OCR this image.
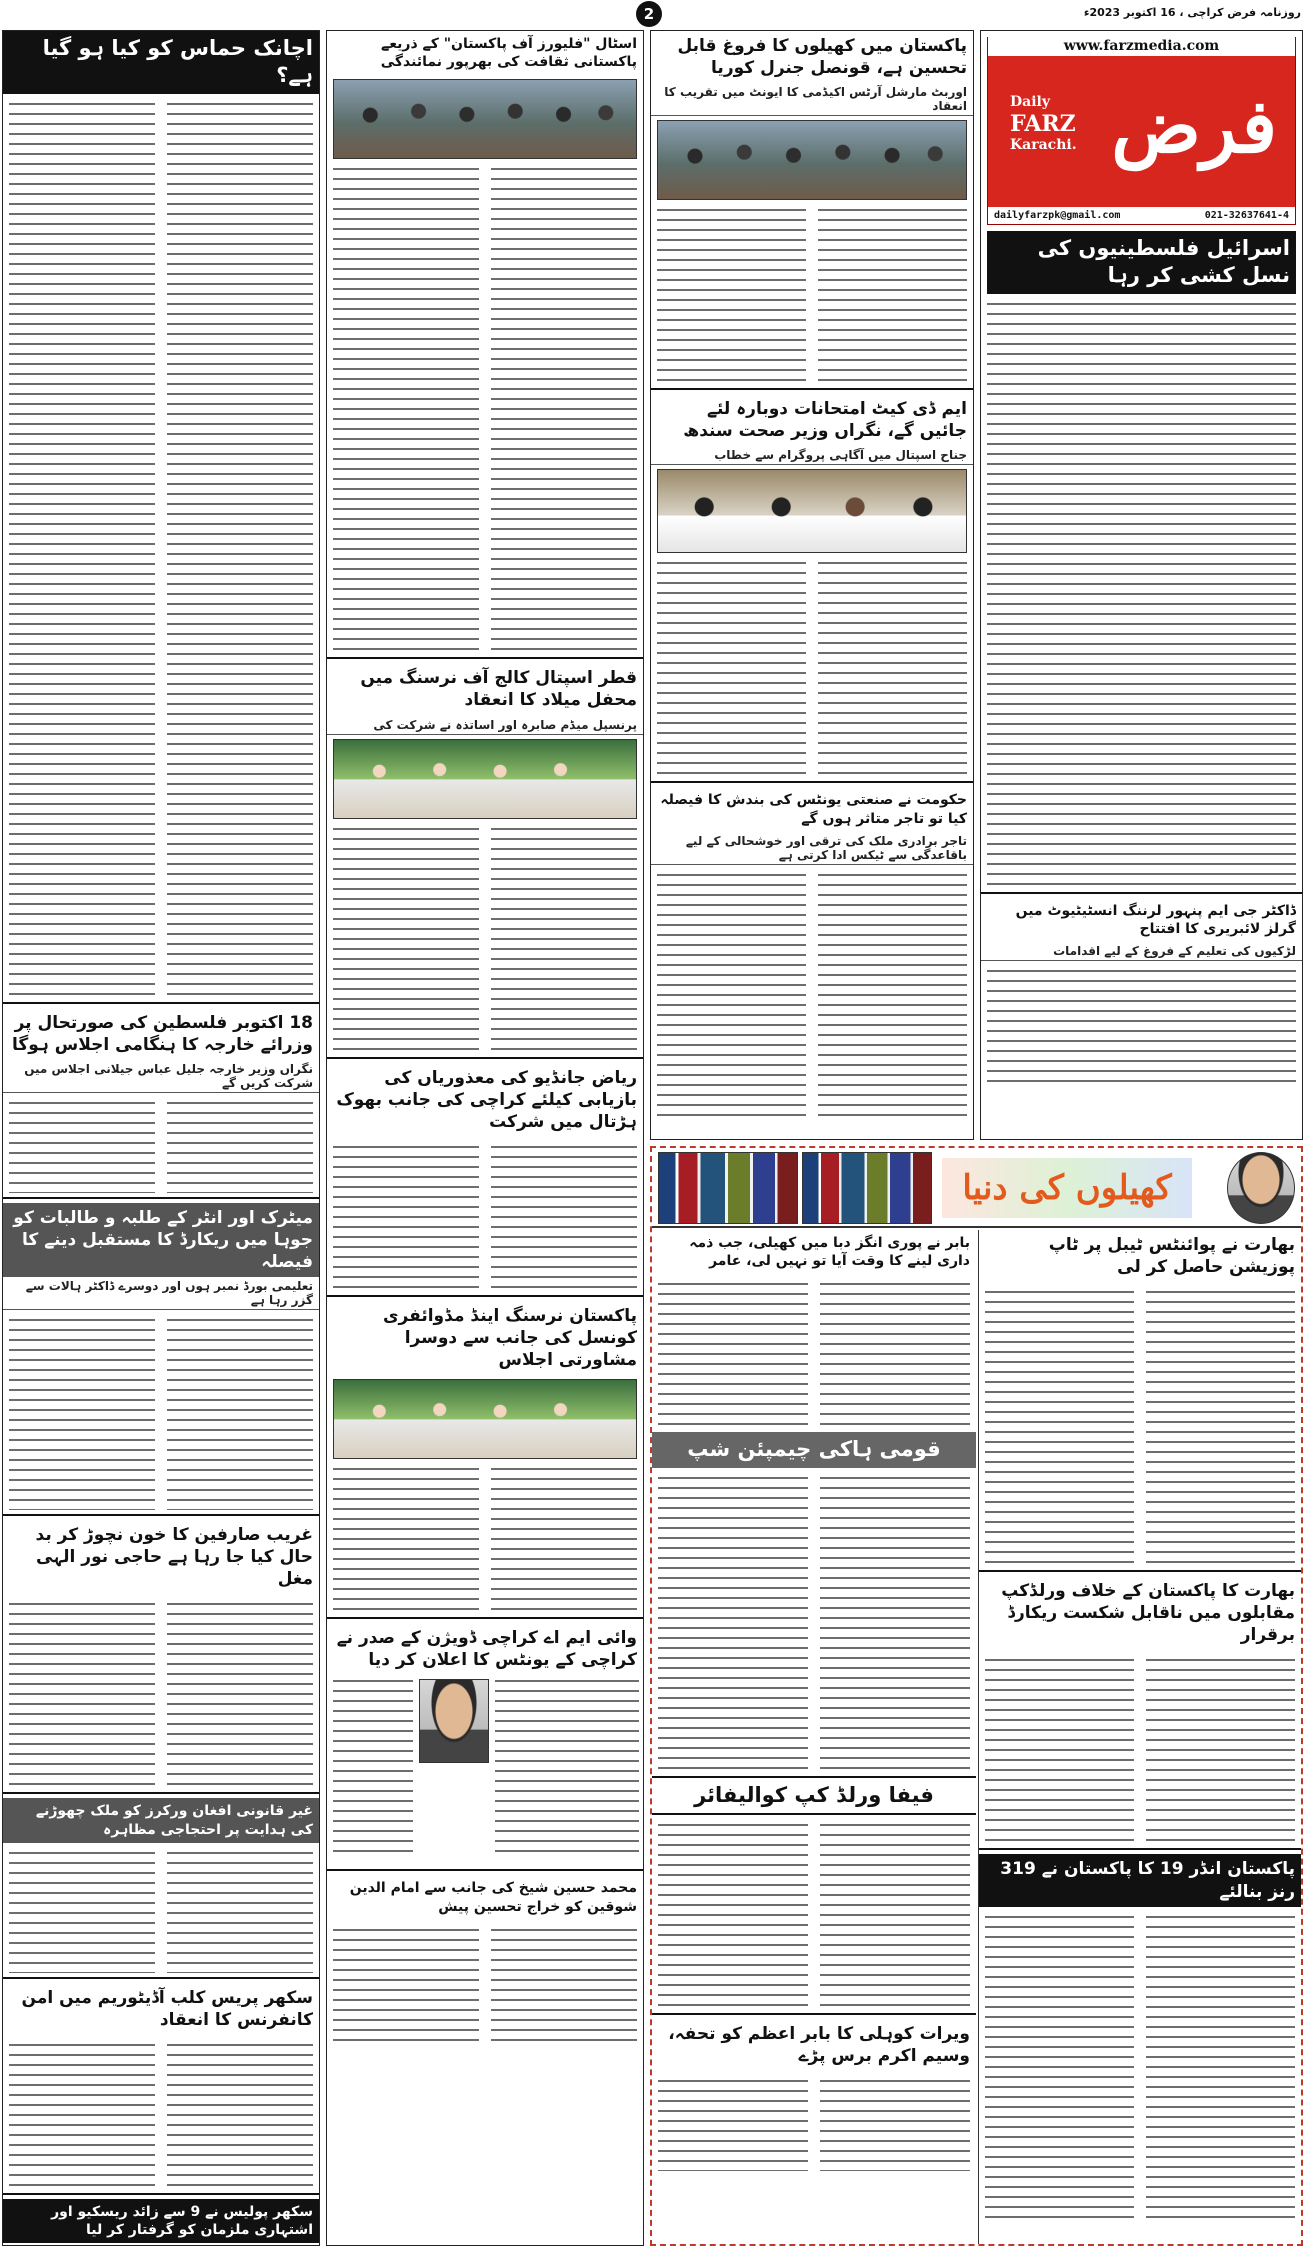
2	روزنامہ فرض کراچی ، 16 اکتوبر 2023ء
اچانک حماس کو کیا ہو گیا ہے؟
18 اکتوبر فلسطین کی صورتحال پر وزرائے خارجہ کا ہنگامی اجلاس ہوگا
نگراں وزیر خارجہ جلیل عباس جیلانی اجلاس میں شرکت کریں گے
میٹرک اور انٹر کے طلبہ و طالبات کو جوہا میں ریکارڈ کا مستقبل دینے کا فیصلہ
تعلیمی بورڈ نمبر ہوں اور دوسرے ڈاکٹر ہالات سے گزر رہا ہے
غریب صارفین کا خون نچوڑ کر بد حال کیا جا رہا ہے حاجی نور الہی مغل
غیر قانونی افغان ورکرز کو ملک چھوڑنے کی ہدایت پر احتجاجی مظاہرہ
سکھر پریس کلب آڈیٹوریم میں امن کانفرنس کا انعقاد
سکھر پولیس نے 9 سے زائد ریسکیو اور اشتہاری ملزمان کو گرفتار کر لیا
اسٹال "فلیورز آف پاکستان" کے ذریعے پاکستانی ثقافت کی بھرپور نمائندگی
قطر اسپتال کالج آف نرسنگ میں محفل میلاد کا انعقاد
پرنسپل میڈم صابرہ اور اساتذہ نے شرکت کی
ریاض جانڈیو کی معذوریاں کی بازیابی کیلئے کراچی کی جانب بھوک ہڑتال میں شرکت
پاکستان نرسنگ اینڈ مڈوائفری کونسل کی جانب سے دوسرا مشاورتی اجلاس
وائی ایم اے کراچی ڈویژن کے صدر نے کراچی کے یونٹس کا اعلان کر دیا
محمد حسین شیخ کی جانب سے امام الدین شوقین کو خراج تحسین پیش
پاکستان میں کھیلوں کا فروغ قابل تحسین ہے، قونصل جنرل کوریا
اوربٹ مارشل آرٹس اکیڈمی کا ایونٹ میں تقریب کا انعقاد
ایم ڈی کیٹ امتحانات دوبارہ لئے جائیں گے، نگراں وزیر صحت سندھ
جناح اسپتال میں آگاہی پروگرام سے خطاب
حکومت نے صنعتی یونٹس کی بندش کا فیصلہ کیا تو تاجر متاثر ہوں گے
تاجر برادری ملک کی ترقی اور خوشحالی کے لیے باقاعدگی سے ٹیکس ادا کرتی ہے
www.farzmedia.com
فرض
Daily
FARZ
Karachi.
dailyfarzpk@gmail.com	021-32637641-4
اسرائیل فلسطینیوں کی نسل کشی کر رہا
ڈاکٹر جی ایم پنہور لرننگ انسٹیٹیوٹ میں گرلز لائبریری کا افتتاح
لڑکیوں کی تعلیم کے فروغ کے لیے اقدامات
کھیلوں کی دنیا
بھارت نے پوائنٹس ٹیبل پر ٹاپ پوزیشن حاصل کر لی
بھارت کا پاکستان کے خلاف ورلڈکپ مقابلوں میں ناقابل شکست ریکارڈ برقرار
پاکستان انڈر 19 کا پاکستان نے 319 رنز بنالئے
بابر نے پوری انگز دبا میں کھیلی، جب ذمہ داری لینے کا وقت آیا تو نہیں لی، عامر
قومی ہاکی چیمپئن شپ
فیفا ورلڈ کپ کوالیفائر
ویرات کوہلی کا بابر اعظم کو تحفہ، وسیم اکرم برس پڑے
